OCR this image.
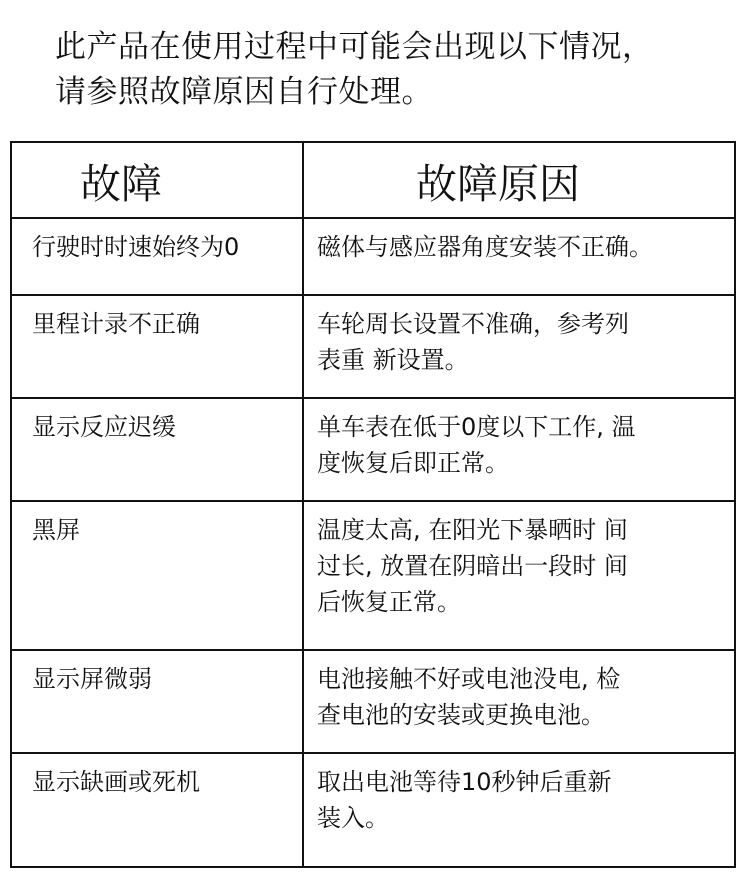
此产品在使用过程中可能会出现以下情况，
请参照故障原因自行处理。
故障	故障原因
行驶时时速始终为0	磁体与感应器角度安装不正确。

里程计录不正确	车轮周长设置不准确，参考列
表重 新设置。

显示反应迟缓	单车表在低于0度以下工作, 温
度恢复后即正常。

黑屏	温度太高, 在阳光下暴晒时 间
过长, 放置在阴暗出一段时 间
后恢复正常。

显示屏微弱	电池接触不好或电池没电, 检
查电池的安装或更换电池。

显示缺画或死机	取出电池等待10秒钟后重新
装入。
